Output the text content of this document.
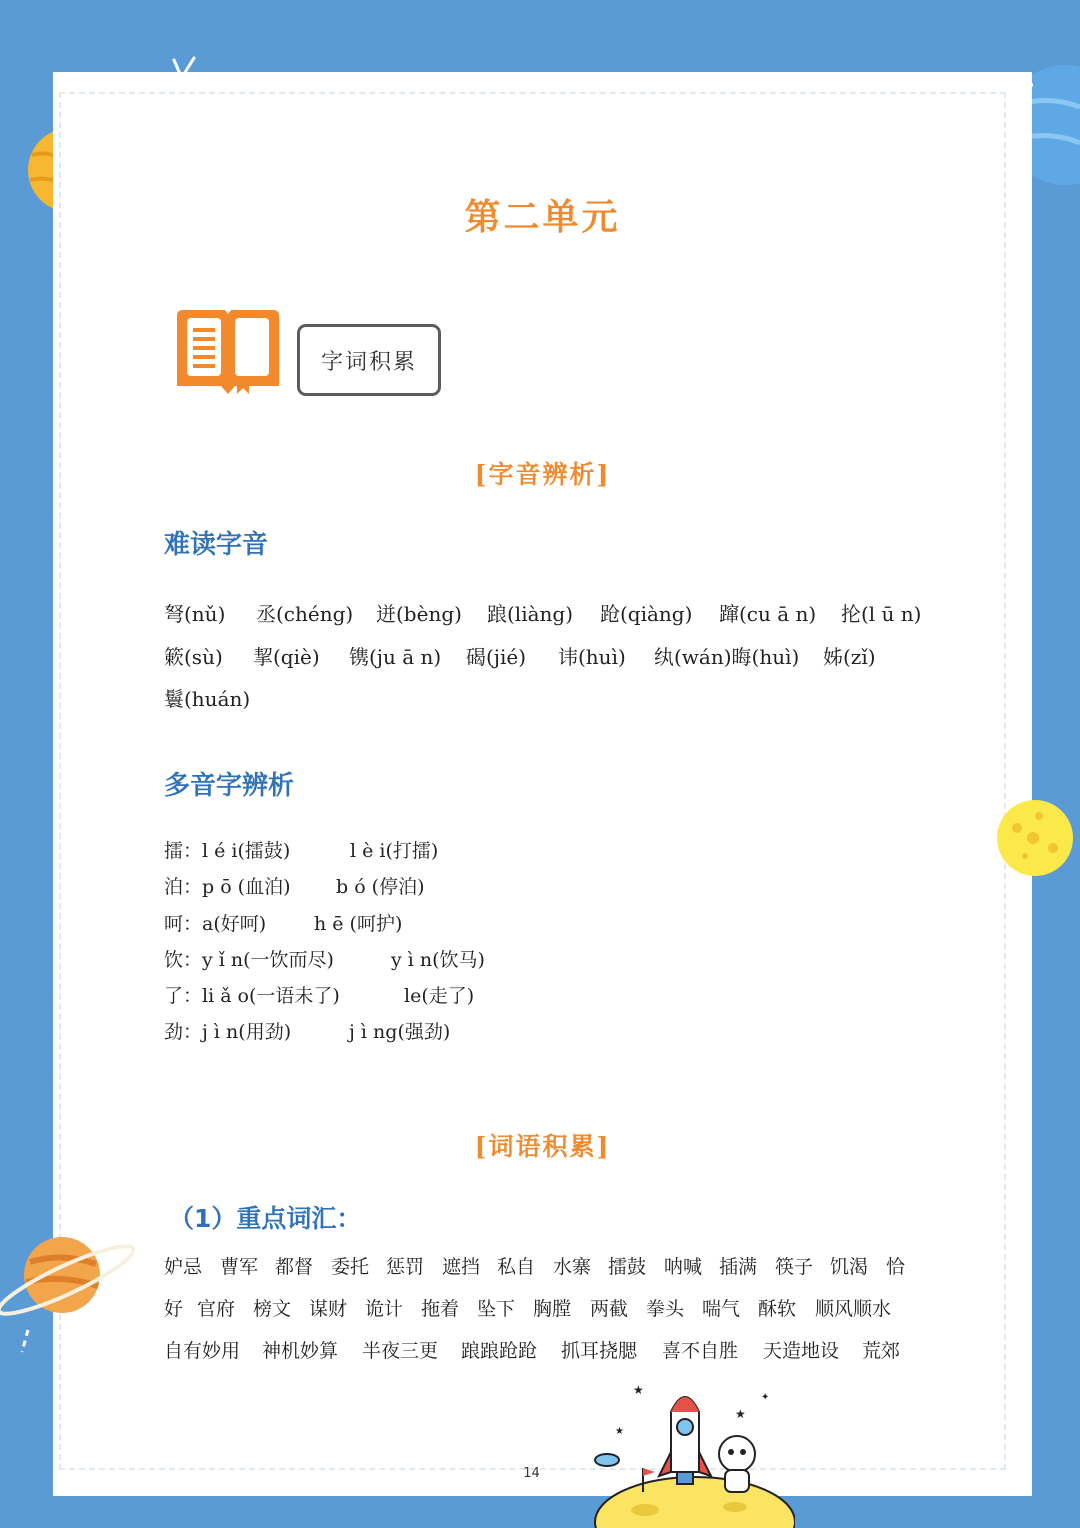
第二单元
字词积累
[字音辨析]
难读字音
弩(nǔ) 丞(chéng) 迸(bèng) 踉(liàng) 跄(qiàng) 蹿(cu ā n) 抡(l ū n)
簌(sù) 挈(qiè) 镌(ju ā n) 碣(jié) 讳(huì) 纨(wán)晦(huì) 姊(zǐ)
鬟(huán)
多音字辨析
擂：l é i(擂鼓)	l è i(打擂)
泊：p ō (血泊) b ó (停泊)
呵：a(好呵)	h ē (呵护)
饮：y ǐ n(一饮而尽)	y ì n(饮马)
了：li ǎ o(一语未了)	le(走了)
劲：j ì n(用劲)	j ì ng(强劲)
[词语积累]
（1）重点词汇：
妒忌 曹军 都督 委托 惩罚 遮挡 私自 水寨 擂鼓 呐喊 插满 筷子 饥渴 恰
好 官府 榜文 谋财 诡计 拖着 坠下 胸膛 两截 拳头 喘气 酥软 顺风顺水
自有妙用 神机妙算 半夜三更 踉踉跄跄 抓耳挠腮 喜不自胜 天造地设 荒郊
14
★
★
★
✦
